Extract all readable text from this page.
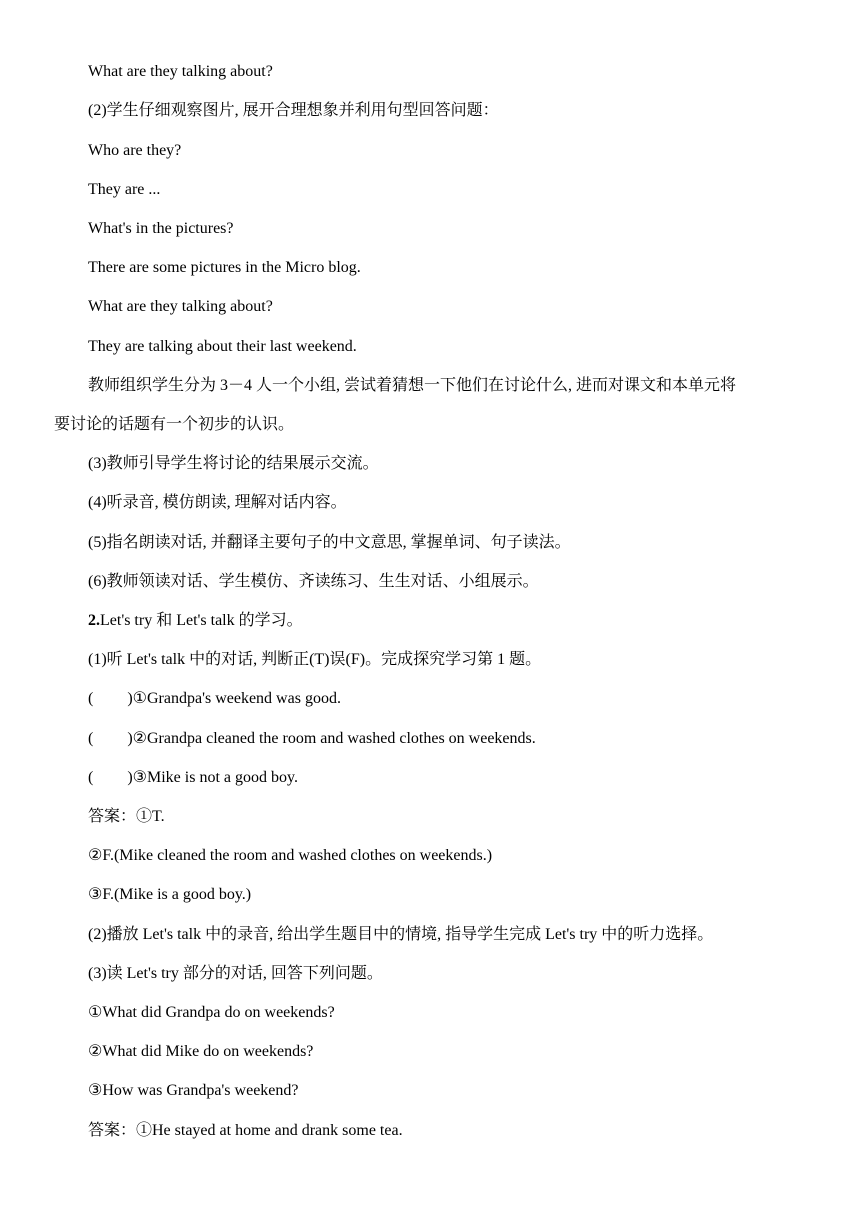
What are they talking about?
(2)学生仔细观察图片, 展开合理想象并利用句型回答问题：
Who are they?
They are ...
What's in the pictures?
There are some pictures in the Micro blog.
What are they talking about?
They are talking about their last weekend.
教师组织学生分为 3－4 人一个小组, 尝试着猜想一下他们在讨论什么, 进而对课文和本单元将
要讨论的话题有一个初步的认识。
(3)教师引导学生将讨论的结果展示交流。
(4)听录音, 模仿朗读, 理解对话内容。
(5)指名朗读对话, 并翻译主要句子的中文意思, 掌握单词、句子读法。
(6)教师领读对话、学生模仿、齐读练习、生生对话、小组展示。
2.Let's try 和 Let's talk 的学习。
(1)听 Let's talk 中的对话, 判断正(T)误(F)。完成探究学习第 1 题。
( )①Grandpa's weekend was good.
( )②Grandpa cleaned the room and washed clothes on weekends.
( )③Mike is not a good boy.
答案：①T.
②F.(Mike cleaned the room and washed clothes on weekends.)
③F.(Mike is a good boy.)
(2)播放 Let's talk 中的录音, 给出学生题目中的情境, 指导学生完成 Let's try 中的听力选择。
(3)读 Let's try 部分的对话, 回答下列问题。
①What did Grandpa do on weekends?
②What did Mike do on weekends?
③How was Grandpa's weekend?
答案：①He stayed at home and drank some tea.
